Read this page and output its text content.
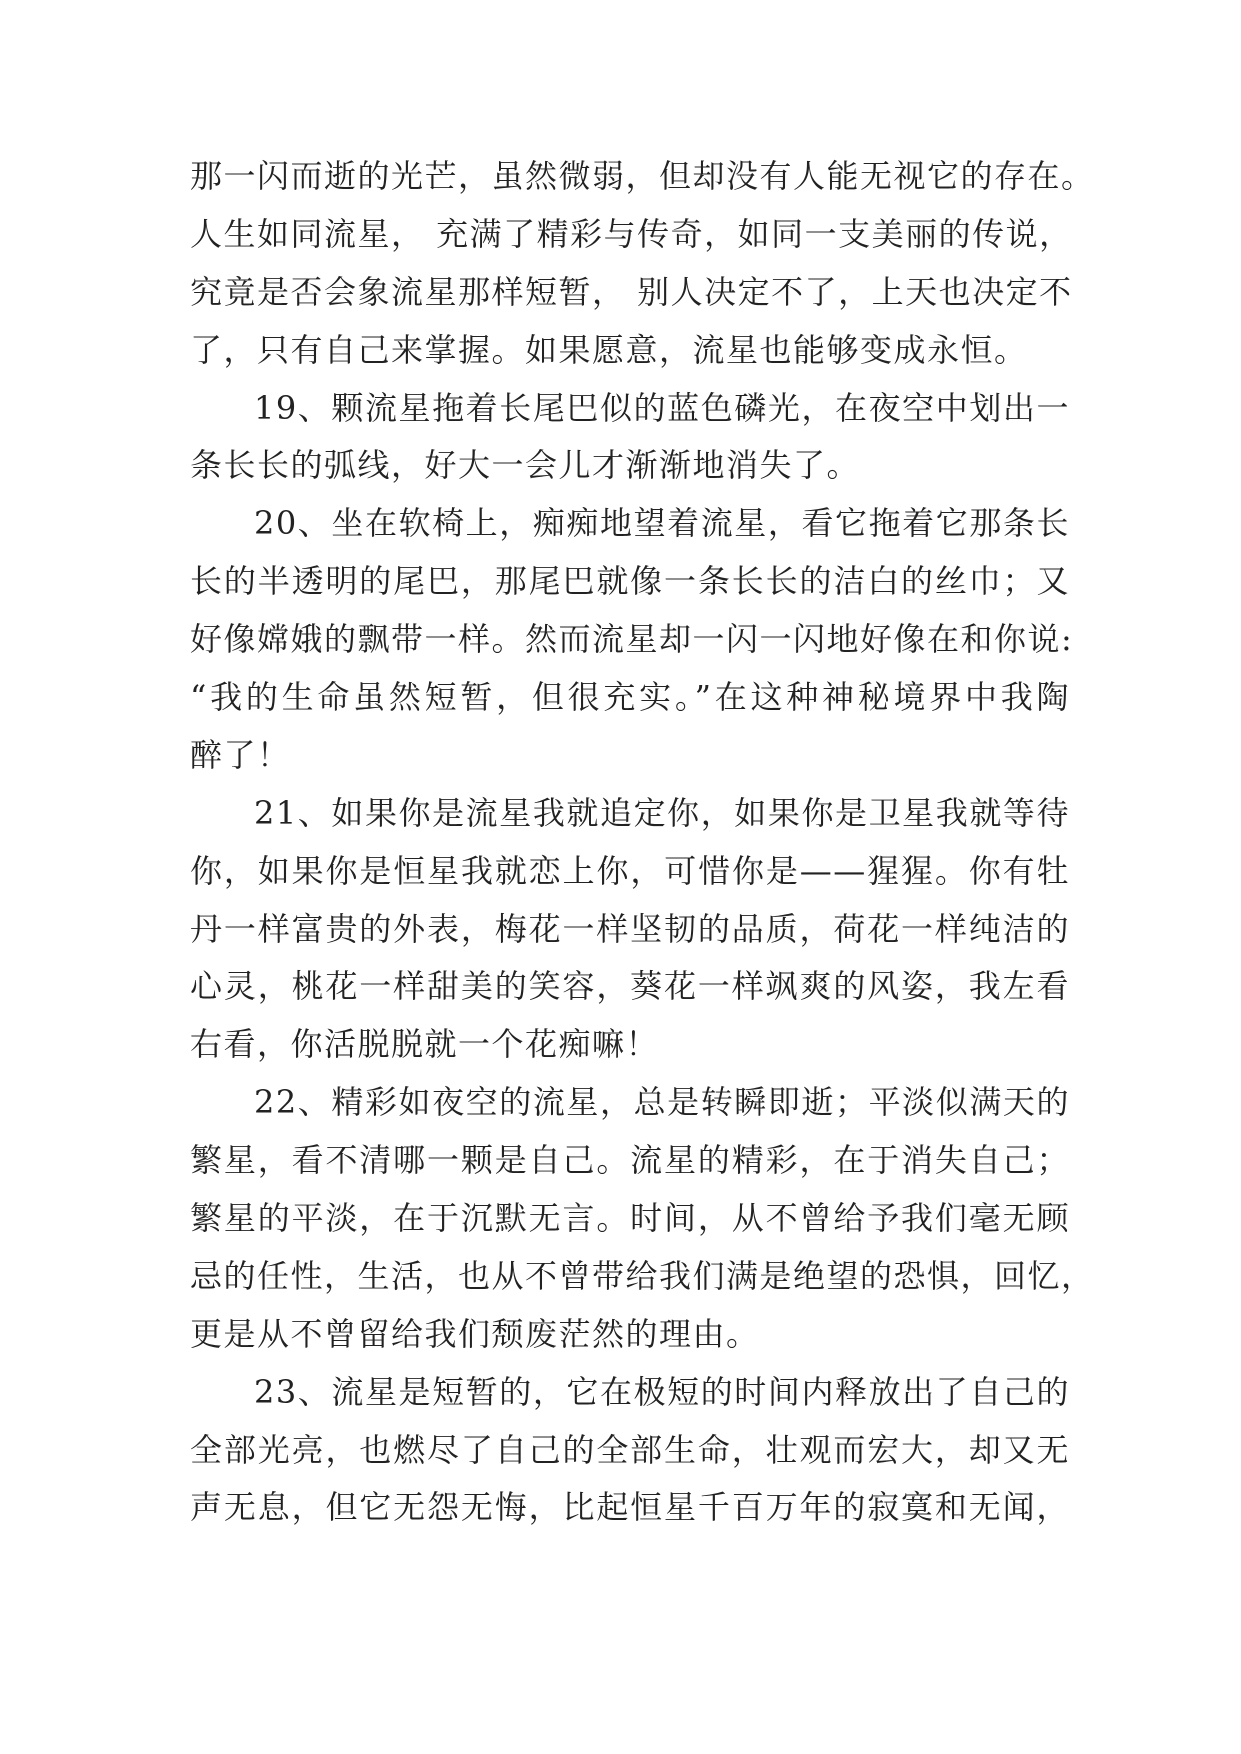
那一闪而逝的光芒，虽然微弱，但却没有人能无视它的存在。
人生如同流星， 充满了精彩与传奇，如同一支美丽的传说，
究竟是否会象流星那样短暂， 别人决定不了，上天也决定不
了，只有自己来掌握。如果愿意，流星也能够变成永恒。
19、颗流星拖着长尾巴似的蓝色磷光，在夜空中划出一
条长长的弧线，好大一会儿才渐渐地消失了。
20、坐在软椅上，痴痴地望着流星，看它拖着它那条长
长的半透明的尾巴，那尾巴就像一条长长的洁白的丝巾；又
好像嫦娥的飘带一样。然而流星却一闪一闪地好像在和你说:
“我的生命虽然短暂，但很充实。”在这种神秘境界中我陶
醉了！
21、如果你是流星我就追定你，如果你是卫星我就等待
你，如果你是恒星我就恋上你，可惜你是——猩猩。你有牡
丹一样富贵的外表，梅花一样坚韧的品质，荷花一样纯洁的
心灵，桃花一样甜美的笑容，葵花一样飒爽的风姿，我左看
右看，你活脱脱就一个花痴嘛！
22、精彩如夜空的流星，总是转瞬即逝；平淡似满天的
繁星，看不清哪一颗是自己。流星的精彩，在于消失自己；
繁星的平淡，在于沉默无言。时间，从不曾给予我们毫无顾
忌的任性，生活，也从不曾带给我们满是绝望的恐惧，回忆，
更是从不曾留给我们颓废茫然的理由。
23、流星是短暂的，它在极短的时间内释放出了自己的
全部光亮，也燃尽了自己的全部生命，壮观而宏大，却又无
声无息，但它无怨无悔，比起恒星千百万年的寂寞和无闻，
